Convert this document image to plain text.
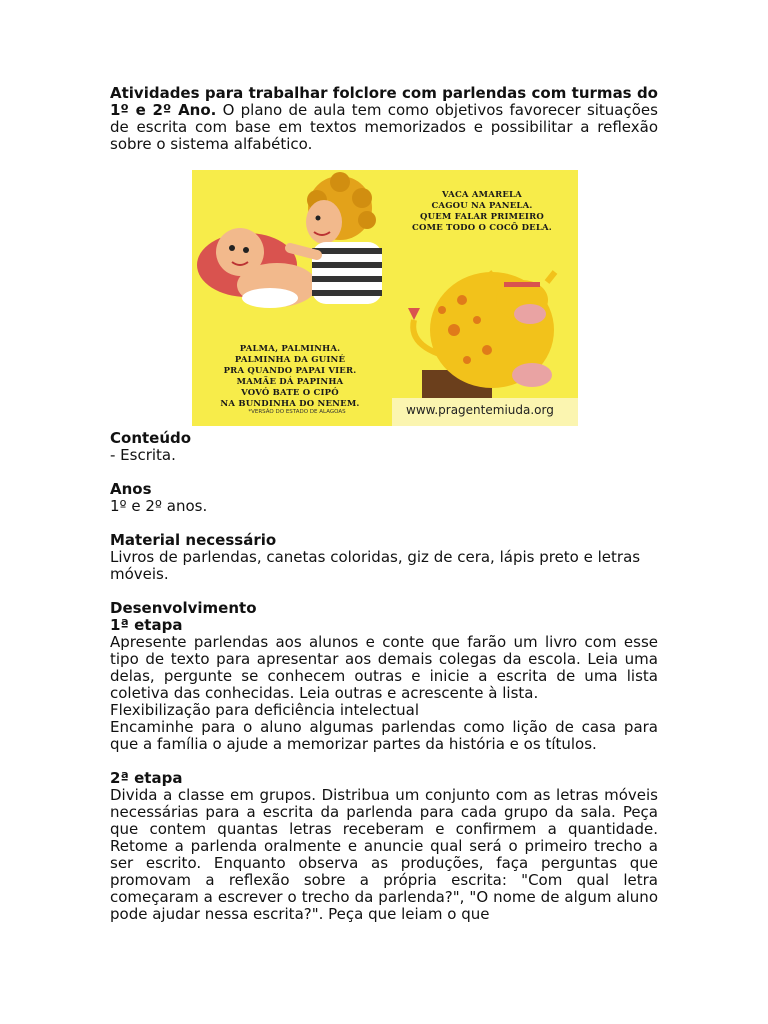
Atividades para trabalhar folclore com parlendas com turmas do 1º e 2º Ano. O plano de aula tem como objetivos favorecer situações de escrita com base em textos memorizados e possibilitar a reflexão sobre o sistema alfabético.

VACA AMARELA
CAGOU NA PANELA.
QUEM FALAR PRIMEIRO
COME TODO O COCÔ DELA.
PALMA, PALMINHA.
PALMINHA DA GUINÉ
PRA QUANDO PAPAI VIER.
MAMÃE DÁ PAPINHA
VOVÓ BATE O CIPÓ
NA BUNDINHA DO NENEM.
*VERSÃO DO ESTADO DE ALAGOAS	www.pragentemiuda.org

Conteúdo

- Escrita.

Anos

1º e 2º anos.

Material necessário

Livros de parlendas, canetas coloridas, giz de cera, lápis preto e letras móveis.

Desenvolvimento

1ª etapa

Apresente parlendas aos alunos e conte que farão um livro com esse tipo de texto para apresentar aos demais colegas da escola. Leia uma delas, pergunte se conhecem outras e inicie a escrita de uma lista coletiva das conhecidas. Leia outras e acrescente à lista.

Flexibilização para deficiência intelectual

Encaminhe para o aluno algumas parlendas como lição de casa para que a família o ajude a memorizar partes da história e os títulos.

2ª etapa

Divida a classe em grupos. Distribua um conjunto com as letras móveis necessárias para a escrita da parlenda para cada grupo da sala. Peça que contem quantas letras receberam e confirmem a quantidade. Retome a parlenda oralmente e anuncie qual será o primeiro trecho a ser escrito. Enquanto observa as produções, faça perguntas que promovam a reflexão sobre a própria escrita: "Com qual letra começaram a escrever o trecho da parlenda?", "O nome de algum aluno pode ajudar nessa escrita?". Peça que leiam o que
